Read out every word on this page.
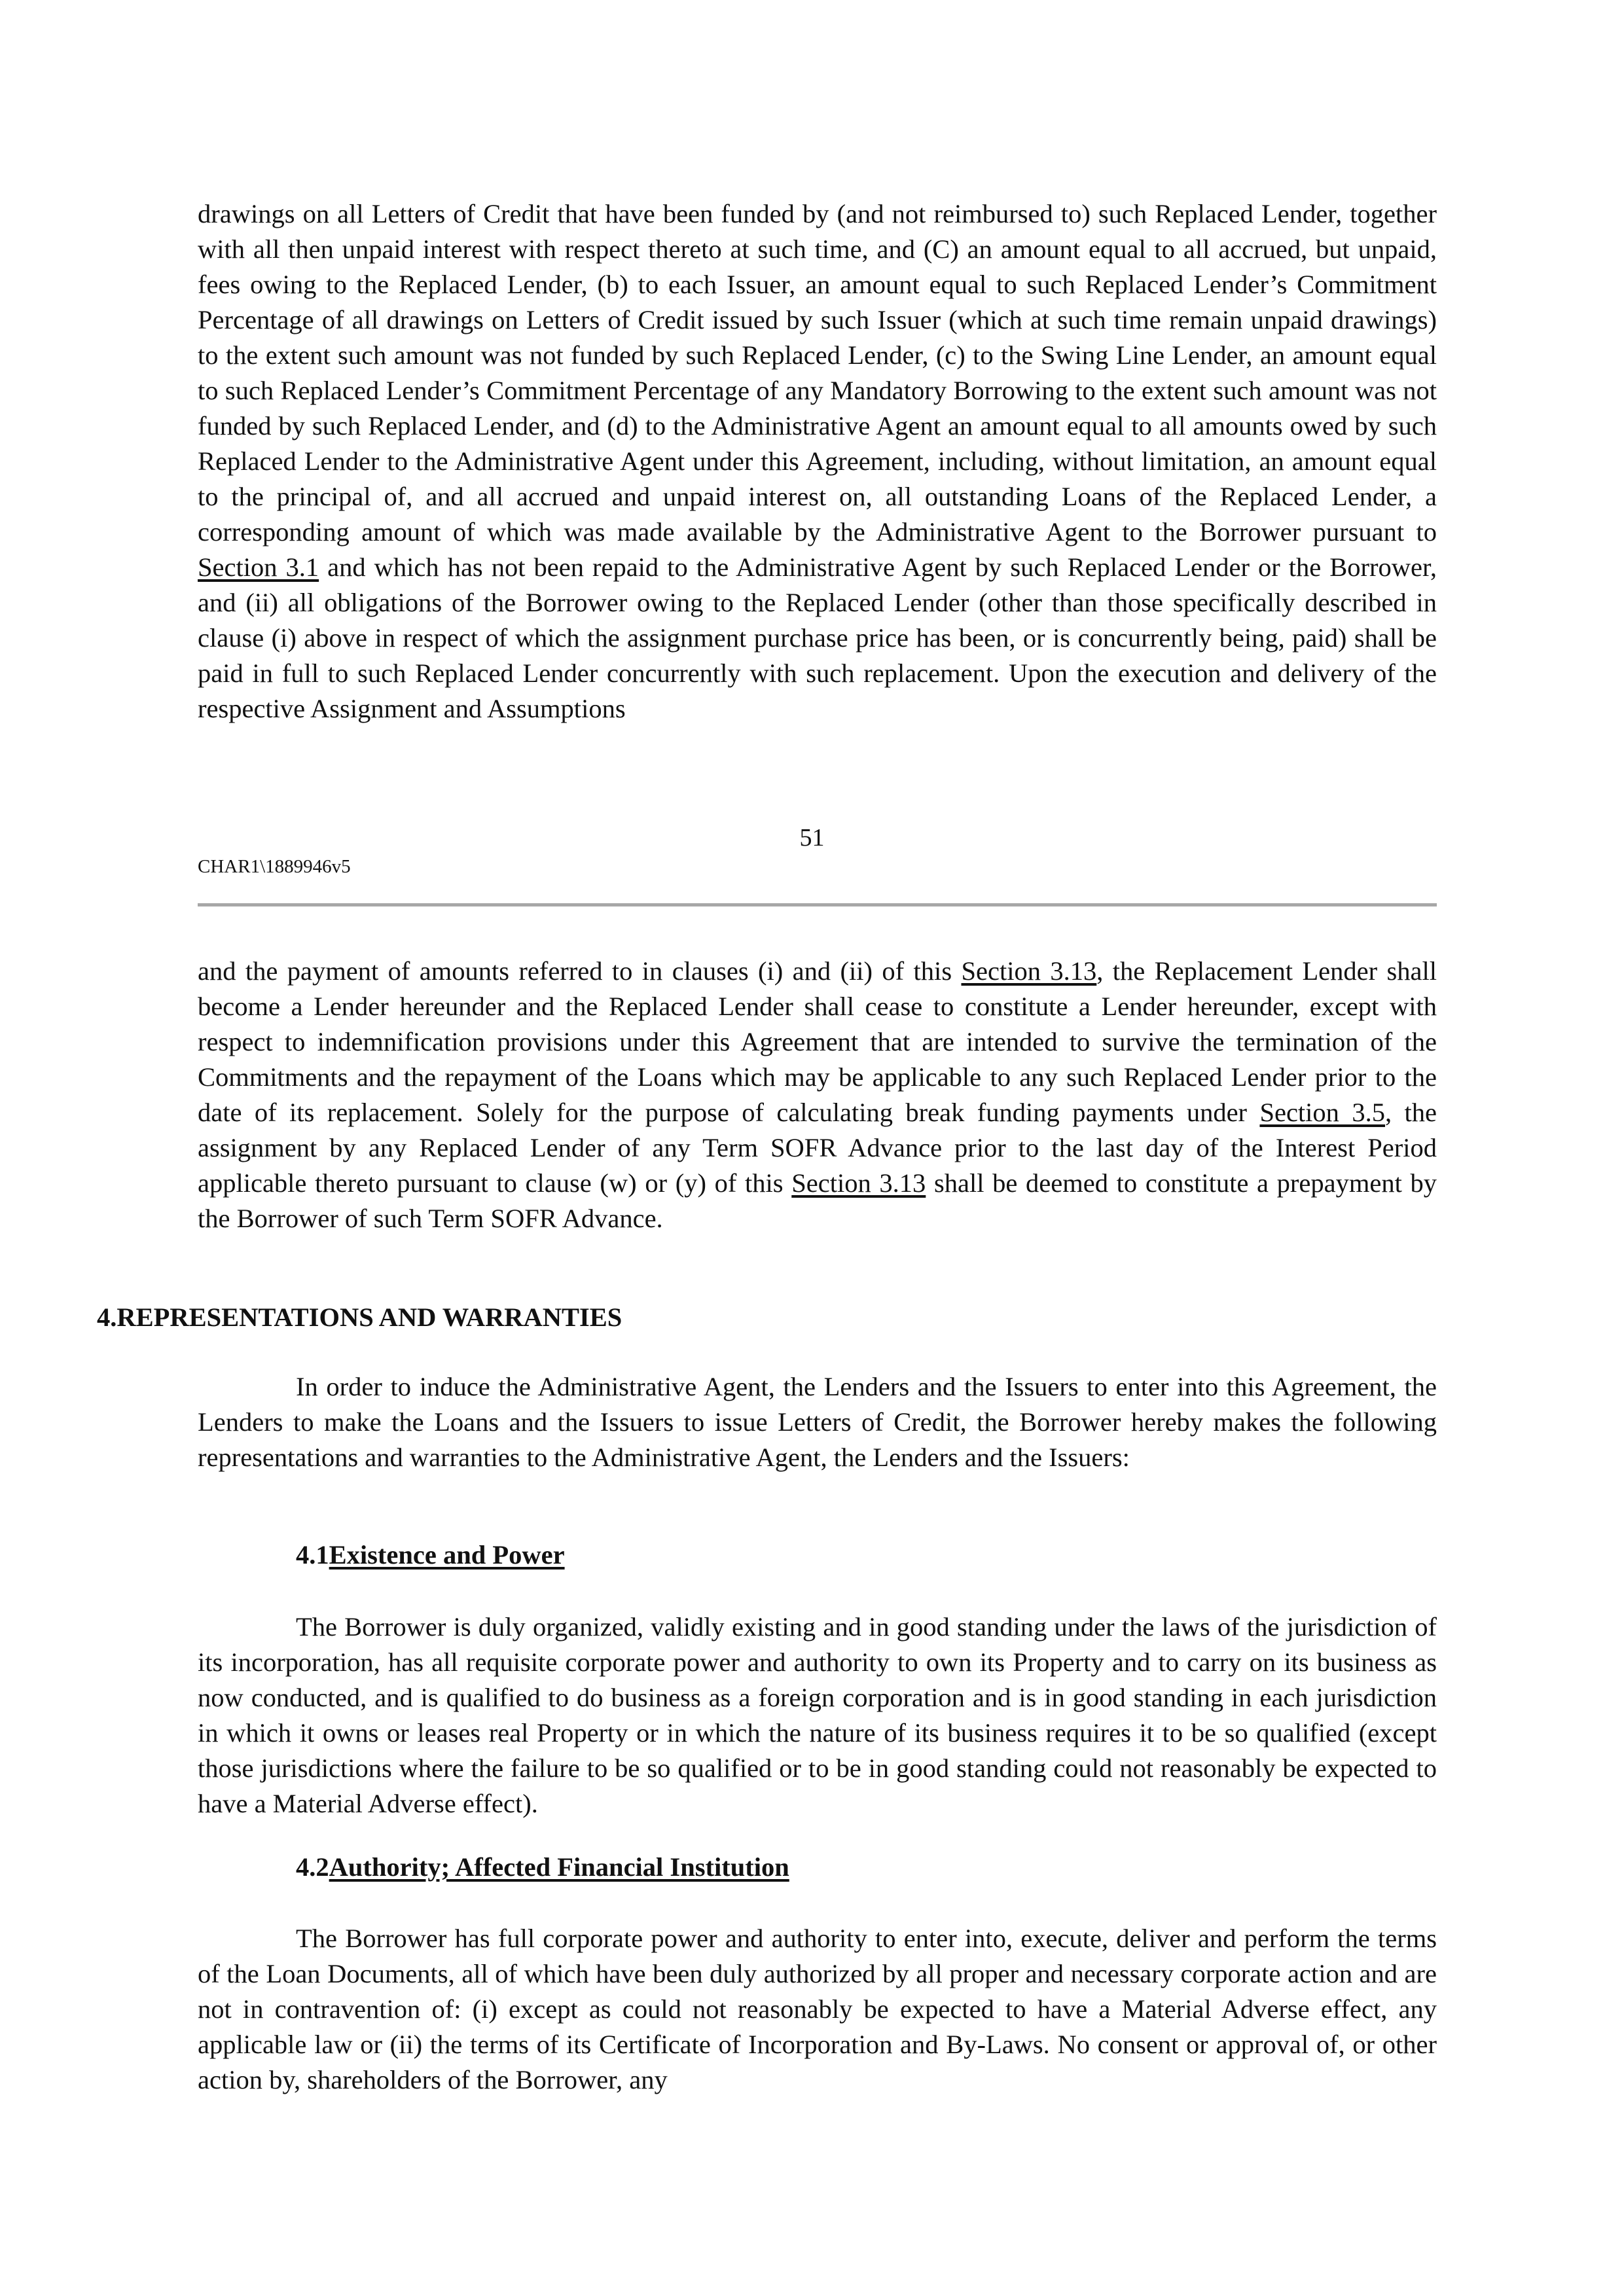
drawings on all Letters of Credit that have been funded by (and not reimbursed to) such Replaced Lender, together with all then unpaid interest with respect thereto at such time, and (C) an amount equal to all accrued, but unpaid, fees owing to the Replaced Lender, (b) to each Issuer, an amount equal to such Replaced Lender’s Commitment Percentage of all drawings on Letters of Credit issued by such Issuer (which at such time remain unpaid drawings) to the extent such amount was not funded by such Replaced Lender, (c) to the Swing Line Lender, an amount equal to such Replaced Lender’s Commitment Percentage of any Mandatory Borrowing to the extent such amount was not funded by such Replaced Lender, and (d) to the Administrative Agent an amount equal to all amounts owed by such Replaced Lender to the Administrative Agent under this Agreement, including, without limitation, an amount equal to the principal of, and all accrued and unpaid interest on, all outstanding Loans of the Replaced Lender, a corresponding amount of which was made available by the Administrative Agent to the Borrower pursuant to Section 3.1 and which has not been repaid to the Administrative Agent by such Replaced Lender or the Borrower, and (ii) all obligations of the Borrower owing to the Replaced Lender (other than those specifically described in clause (i) above in respect of which the assignment purchase price has been, or is concurrently being, paid) shall be paid in full to such Replaced Lender concurrently with such replacement. Upon the execution and delivery of the respective Assignment and Assumptions

51
CHAR1\1889946v5

and the payment of amounts referred to in clauses (i) and (ii) of this Section 3.13, the Replacement Lender shall become a Lender hereunder and the Replaced Lender shall cease to constitute a Lender hereunder, except with respect to indemnification provisions under this Agreement that are intended to survive the termination of the Commitments and the repayment of the Loans which may be applicable to any such Replaced Lender prior to the date of its replacement. Solely for the purpose of calculating break funding payments under Section 3.5, the assignment by any Replaced Lender of any Term SOFR Advance prior to the last day of the Interest Period applicable thereto pursuant to clause (w) or (y) of this Section 3.13 shall be deemed to constitute a prepayment by the Borrower of such Term SOFR Advance.

4.REPRESENTATIONS AND WARRANTIES

In order to induce the Administrative Agent, the Lenders and the Issuers to enter into this Agreement, the Lenders to make the Loans and the Issuers to issue Letters of Credit, the Borrower hereby makes the following representations and warranties to the Administrative Agent, the Lenders and the Issuers:

4.1Existence and Power

The Borrower is duly organized, validly existing and in good standing under the laws of the jurisdiction of its incorporation, has all requisite corporate power and authority to own its Property and to carry on its business as now conducted, and is qualified to do business as a foreign corporation and is in good standing in each jurisdiction in which it owns or leases real Property or in which the nature of its business requires it to be so qualified (except those jurisdictions where the failure to be so qualified or to be in good standing could not reasonably be expected to have a Material Adverse effect).

4.2Authority; Affected Financial Institution

The Borrower has full corporate power and authority to enter into, execute, deliver and perform the terms of the Loan Documents, all of which have been duly authorized by all proper and necessary corporate action and are not in contravention of: (i) except as could not reasonably be expected to have a Material Adverse effect, any applicable law or (ii) the terms of its Certificate of Incorporation and By-Laws. No consent or approval of, or other action by, shareholders of the Borrower, any
